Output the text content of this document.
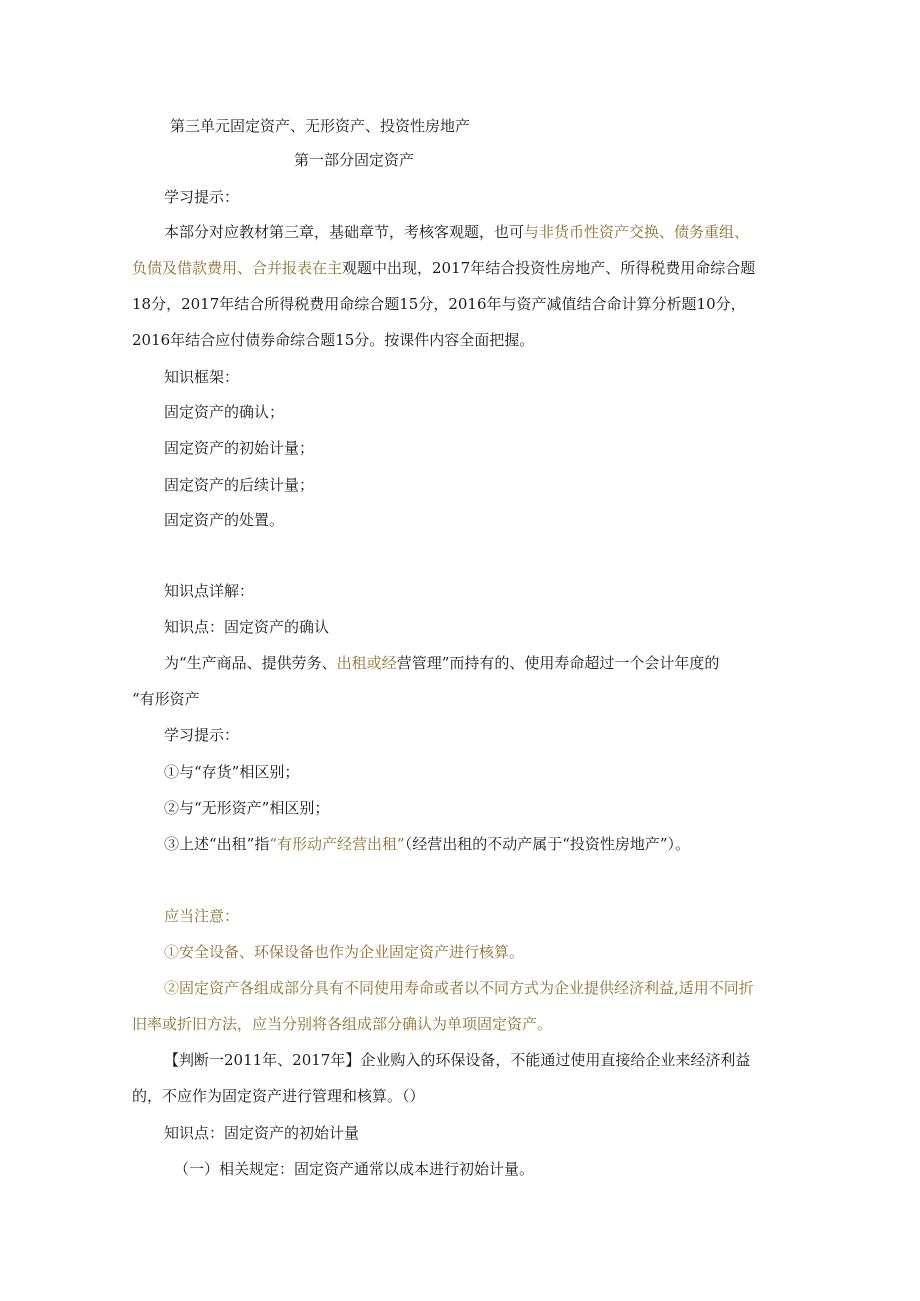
第三单元固定资产、无形资产、投资性房地产

第一部分固定资产

学习提示：

本部分对应教材第三章，基础章节，考核客观题，也可与非货币性资产交换、债务重组、

负债及借款费用、合并报表在主观题中出现，2017年结合投资性房地产、所得税费用命综合题

18分，2017年结合所得税费用命综合题15分，2016年与资产减值结合命计算分析题10分，

2016年结合应付债券命综合题15分。按课件内容全面把握。

知识框架：

固定资产的确认；

固定资产的初始计量；

固定资产的后续计量；

固定资产的处置。

知识点详解：

知识点：固定资产的确认

为“生产商品、提供劳务、出租或经营管理”而持有的、使用寿命超过一个会计年度的

“有形资产

学习提示：

①与“存货”相区别；

②与“无形资产”相区别；

③上述“出租”指“有形动产经营出租”（经营出租的不动产属于“投资性房地产”）。

应当注意：

①安全设备、环保设备也作为企业固定资产进行核算。

②固定资产各组成部分具有不同使用寿命或者以不同方式为企业提供经济利益,适用不同折

旧率或折旧方法，应当分别将各组成部分确认为单项固定资产。

【判断一2011年、2017年】企业购入的环保设备，不能通过使用直接给企业来经济利益

的，不应作为固定资产进行管理和核算。（）

知识点：固定资产的初始计量

（一）相关规定：固定资产通常以成本进行初始计量。
